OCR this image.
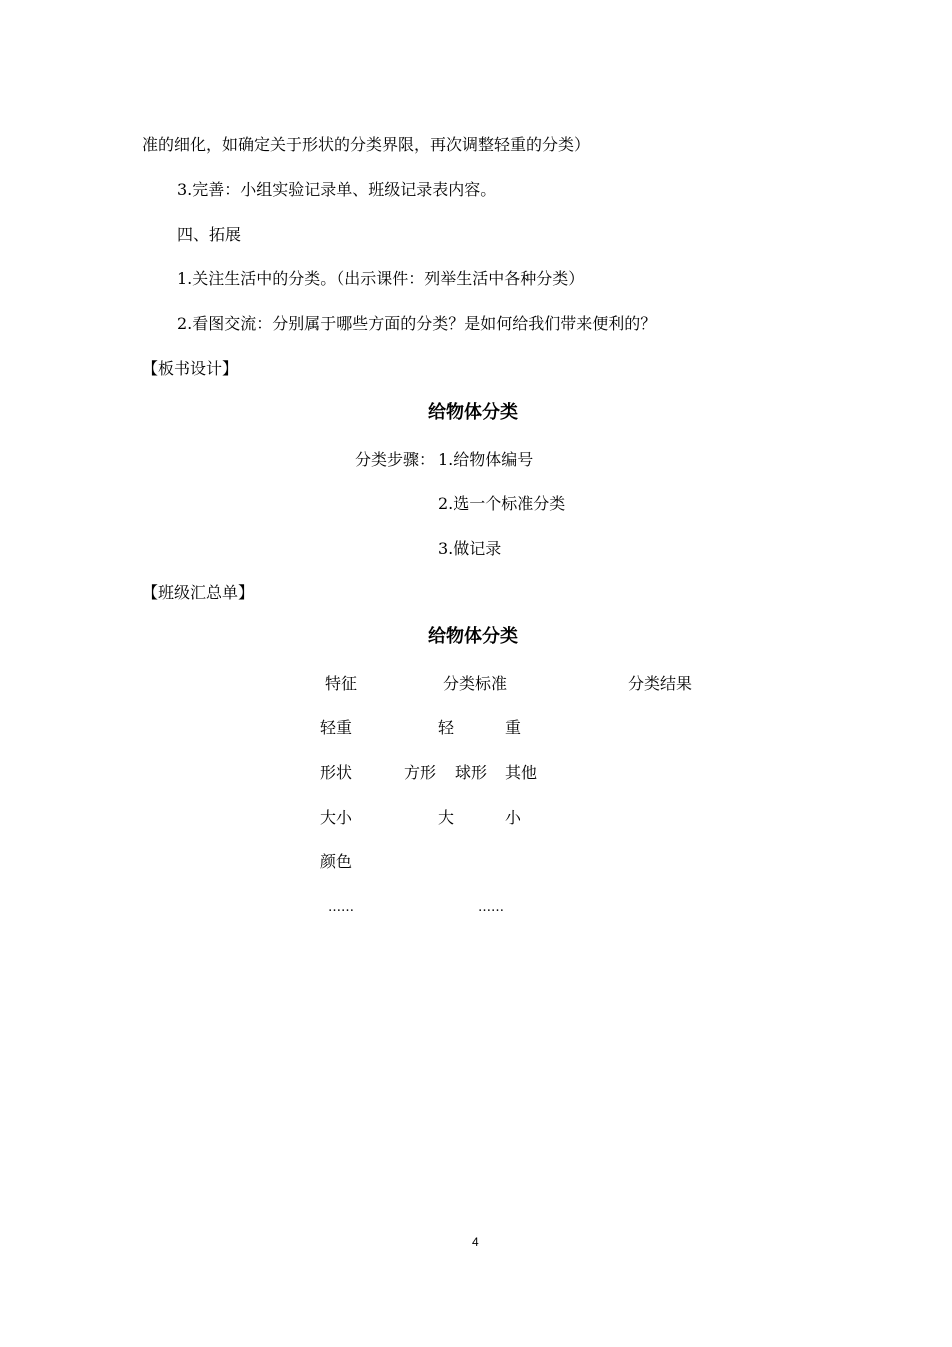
准的细化，如确定关于形状的分类界限，再次调整轻重的分类）
3.完善：小组实验记录单、班级记录表内容。
四、拓展
1.关注生活中的分类。（出示课件：列举生活中各种分类）
2.看图交流：分别属于哪些方面的分类？是如何给我们带来便利的？
【板书设计】
给物体分类
分类步骤： 1.给物体编号
2.选一个标准分类
3.做记录
【班级汇总单】
给物体分类
特征	分类标准	分类结果
轻重	轻	重
形状	方形 球形 其他
大小	大	小
颜色
……	……
4
